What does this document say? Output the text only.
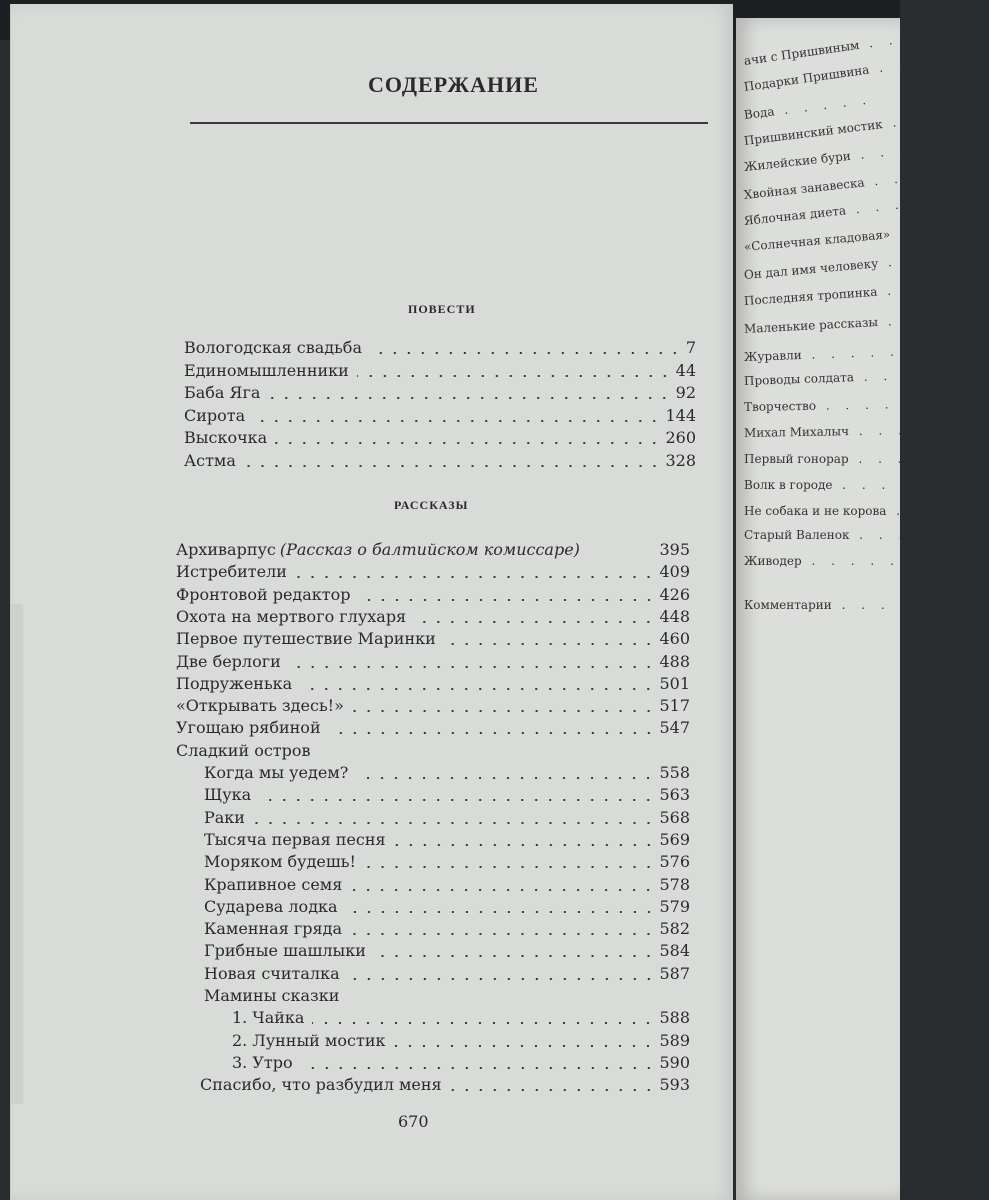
СОДЕРЖАНИЕ
ПОВЕСТИ
РАССКАЗЫ
Вологодская свадьба	7
Единомышленники	44
Баба Яга	92
Сирота	144
Выскочка	260
Астма	328
Архиварпус (Рассказ о балтийском комиссаре)	395
Истребители	409
Фронтовой редактор	426
Охота на мертвого глухаря	448
Первое путешествие Маринки	460
Две берлоги	488
Подруженька	501
«Открывать здесь!»	517
Угощаю рябиной	547
Сладкий остров
Когда мы уедем?	558
Щука	563
Раки	568
Тысяча первая песня	569
Моряком будешь!	576
Крапивное семя	578
Сударева лодка	579
Каменная гряда	582
Грибные шашлыки	584
Новая считалка	587
Мамины сказки
1. Чайка	588
2. Лунный мостик	589
3. Утро	590
Спасибо, что разбудил меня	593
670
ачи с Пришвиным . . . . .
Подарки Пришвина . . . . .
Вода . . . . .
Пришвинский мостик . . . . .
Жилейские бури . . . . .
Хвойная занавеска . . . . .
Яблочная диета . . . . .
«Солнечная кладовая» . . . . .
Он дал имя человеку . . . . .
Последняя тропинка . . . . .
Маленькие рассказы . . . . .
Журавли . . . . .
Проводы солдата . . . . .
Творчество . . . . .
Михал Михалыч . . . . .
Первый гонорар . . . . .
Волк в городе . . . . .
Не собака и не корова . . . . .
Старый Валенок . . . . .
Живодер . . . . .
Комментарии . . . . .
